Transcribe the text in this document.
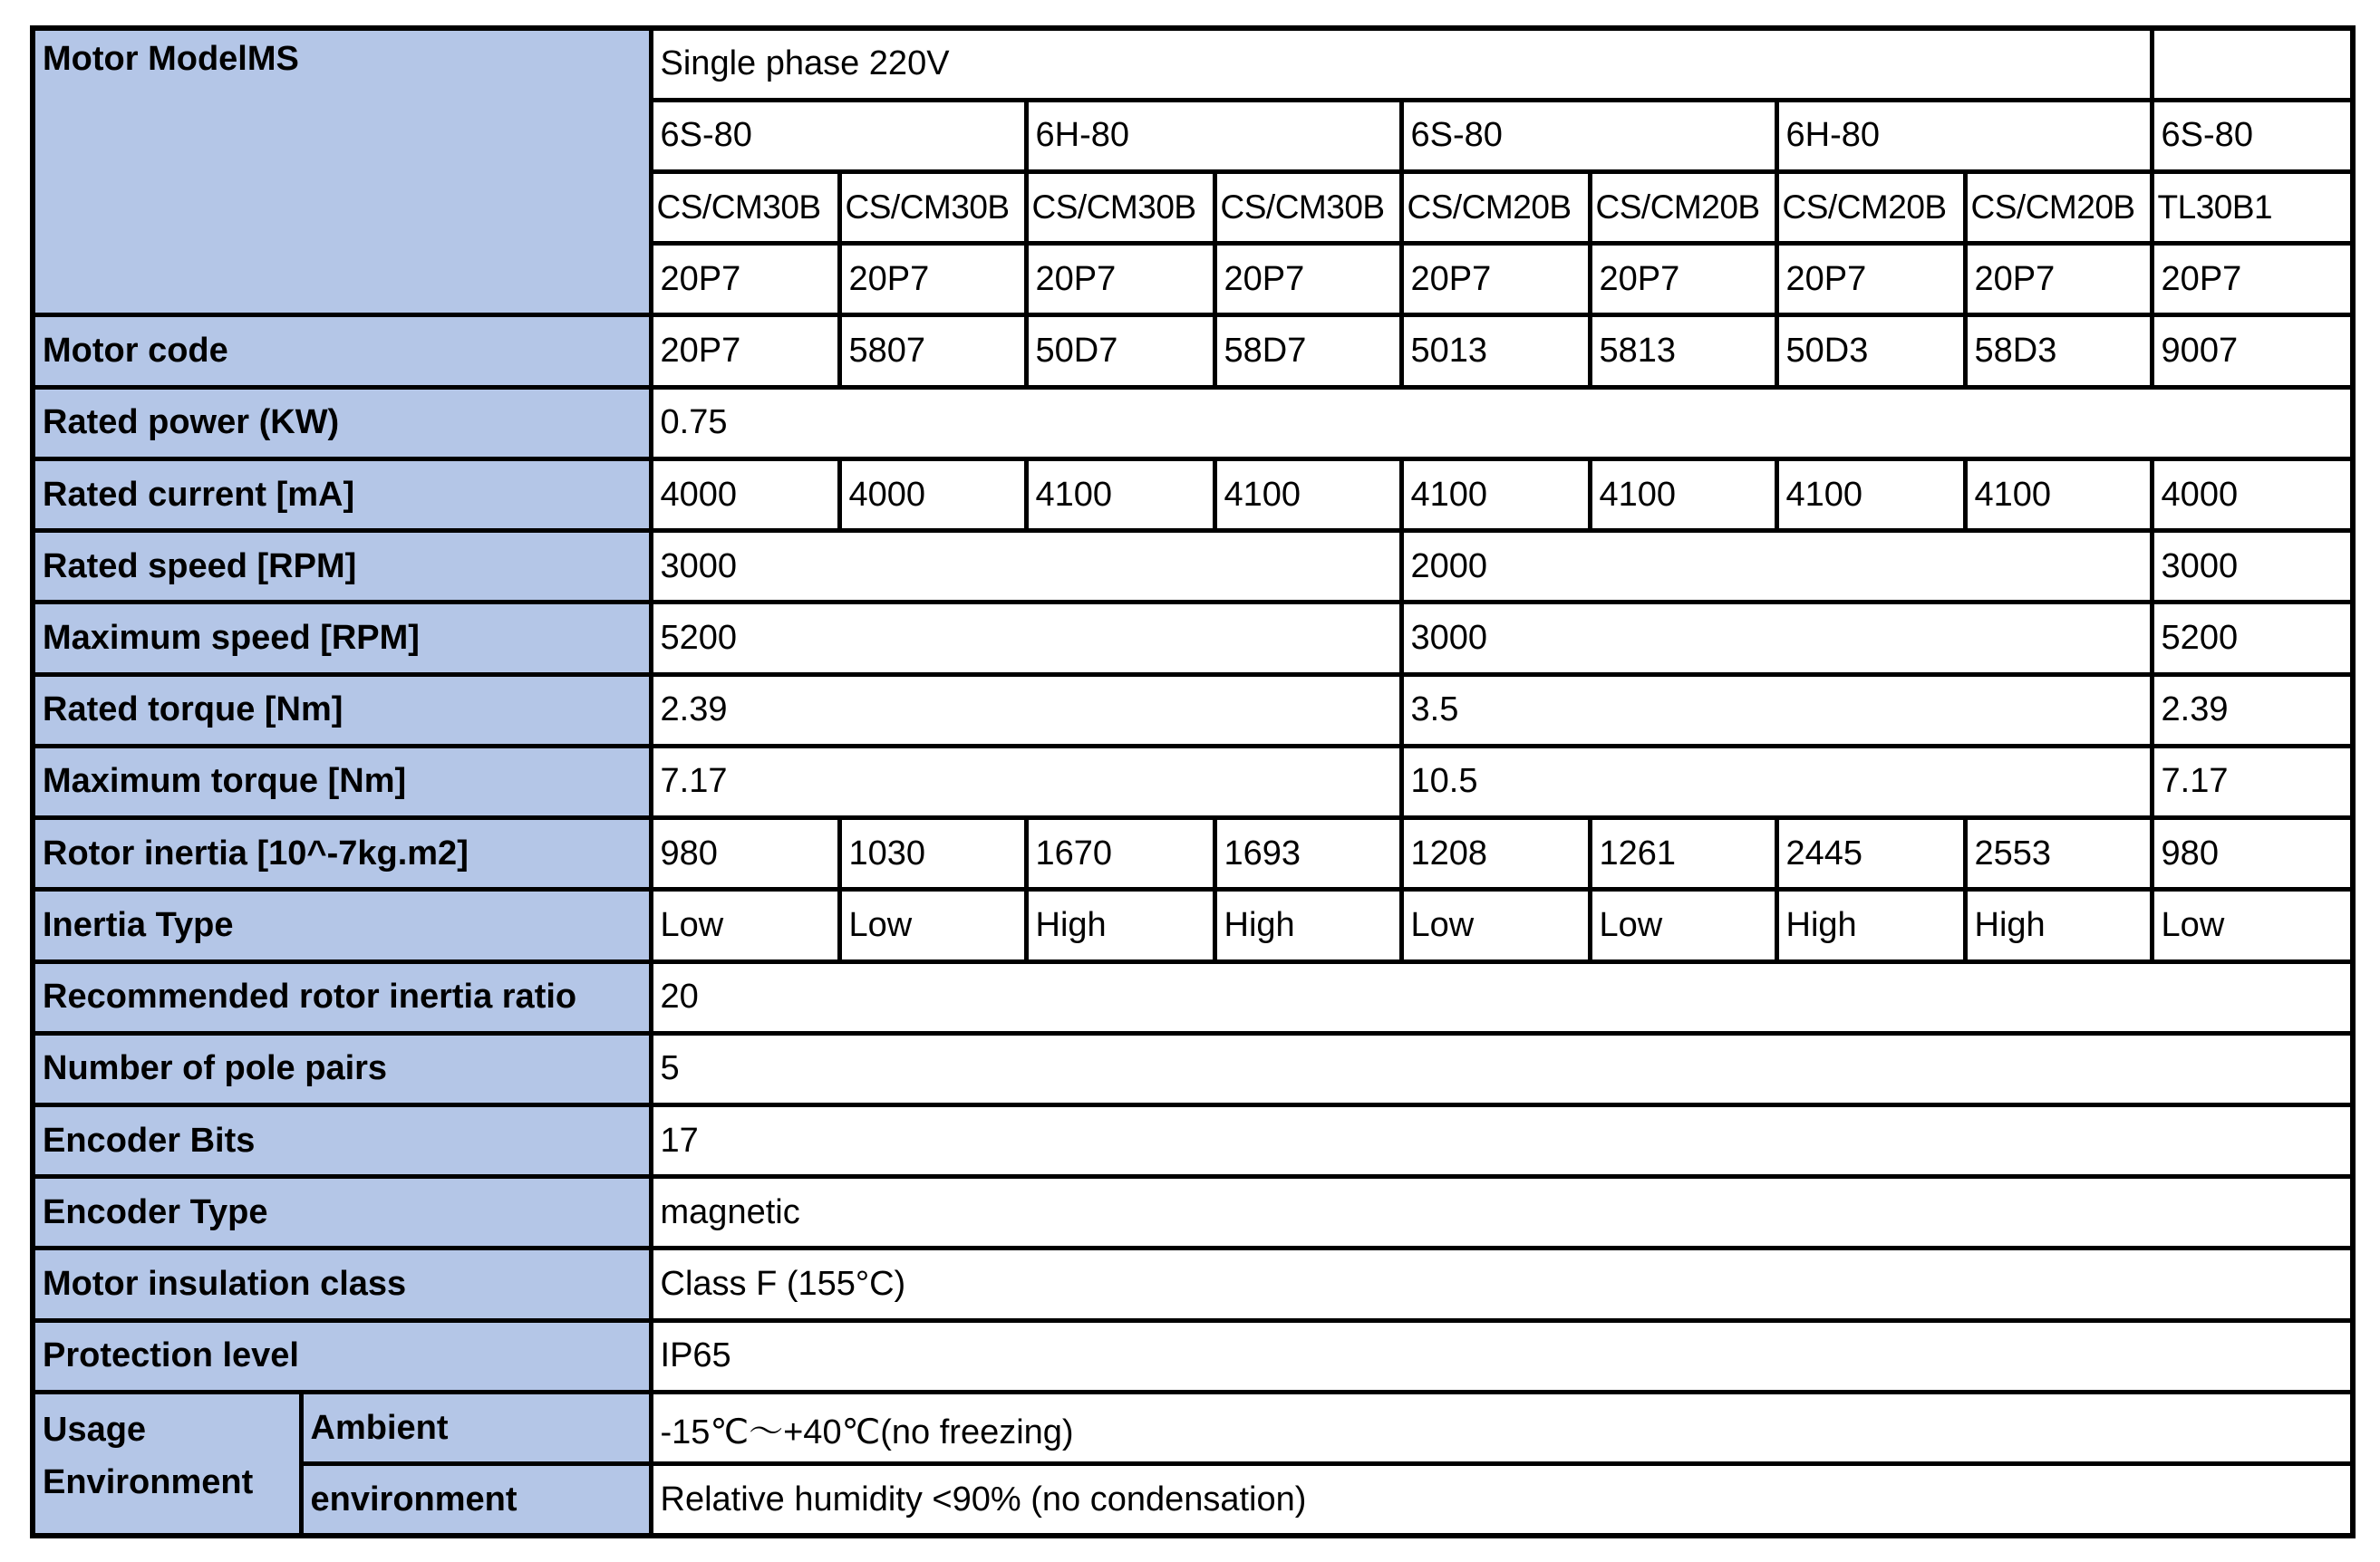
Motor ModelMS		Single phase 220V								
		6S-80		6H-80		6S-80		6H-80		6S-80
		CS/CM30B	CS/CM30B	CS/CM30B	CS/CM30B	CS/CM20B	CS/CM20B	CS/CM20B	CS/CM20B	TL30B1
		20P7	20P7	20P7	20P7	20P7	20P7	20P7	20P7	20P7
Motor code		20P7	5807	50D7	58D7	5013	5813	50D3	58D3	9007
Rated power (KW)		0.75								
Rated current [mA]		4000	4000	4100	4100	4100	4100	4100	4100	4000
Rated speed [RPM]		3000				2000				3000
Maximum speed [RPM]		5200				3000				5200
Rated torque [Nm]		2.39				3.5				2.39
Maximum torque [Nm]		7.17				10.5				7.17
Rotor inertia [10^-7kg.m2]		980	1030	1670	1693	1208	1261	2445	2553	980
Inertia Type		Low	Low	High	High	Low	Low	High	High	Low
Recommended rotor inertia ratio		20								
Number of pole pairs		5								
Encoder Bits		17								
Encoder Type		magnetic								
Motor insulation class		Class F (155°C)								
Protection level		IP65								
Usage Environment	Ambient	-15℃～+40℃(no freezing)								
	environment	Relative humidity <90% (no condensation)								
